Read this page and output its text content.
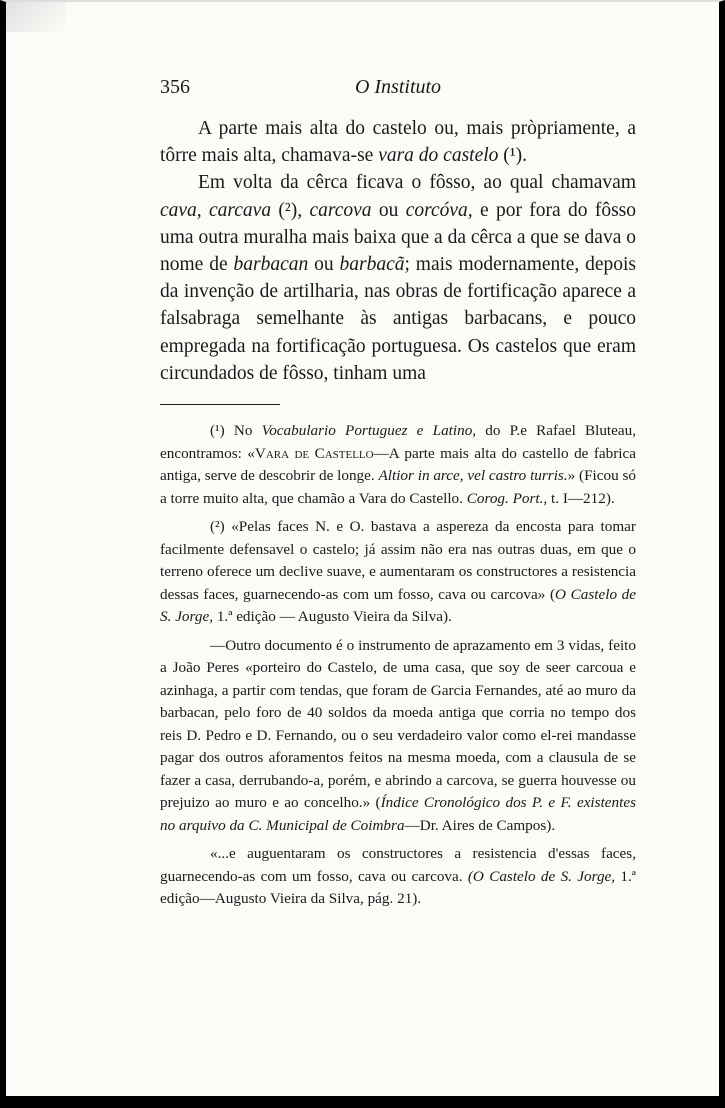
356	O Instituto

A parte mais alta do castelo ou, mais pròpriamente, a tôrre mais alta, chamava-se vara do castelo (¹).

Em volta da cêrca ficava o fôsso, ao qual chamavam cava, carcava (²), carcova ou corcóva, e por fora do fôsso uma outra muralha mais baixa que a da cêrca a que se dava o nome de barbacan ou barbacã; mais modernamente, depois da invenção de artilharia, nas obras de fortificação aparece a falsabraga semelhante às antigas barbacans, e pouco empregada na fortificação portuguesa. Os castelos que eram circundados de fôsso, tinham uma

(¹) No Vocabulario Portuguez e Latino, do P.e Rafael Bluteau, encontramos: «Vara de Castello—A parte mais alta do castello de fabrica antiga, serve de descobrir de longe. Altior in arce, vel castro turris.» (Ficou só a torre muito alta, que chamão a Vara do Castello. Corog. Port., t. I—212).

(²) «Pelas faces N. e O. bastava a aspereza da encosta para tomar facilmente defensavel o castelo; já assim não era nas outras duas, em que o terreno oferece um declive suave, e aumentaram os constructores a resistencia dessas faces, guarnecendo-as com um fosso, cava ou carcova» (O Castelo de S. Jorge, 1.ª edição — Augusto Vieira da Silva).

—Outro documento é o instrumento de aprazamento em 3 vidas, feito a João Peres «porteiro do Castelo, de uma casa, que soy de seer carcoua e azinhaga, a partir com tendas, que foram de Garcia Fernandes, até ao muro da barbacan, pelo foro de 40 soldos da moeda antiga que corria no tempo dos reis D. Pedro e D. Fernando, ou o seu verdadeiro valor como el-rei mandasse pagar dos outros aforamentos feitos na mesma moeda, com a clausula de se fazer a casa, derrubando-a, porém, e abrindo a carcova, se guerra houvesse ou prejuizo ao muro e ao concelho.» (Índice Cronológico dos P. e F. existentes no arquivo da C. Municipal de Coimbra—Dr. Aires de Campos).

«...e auguentaram os constructores a resistencia d'essas faces, guarnecendo-as com um fosso, cava ou carcova. (O Castelo de S. Jorge, 1.ª edição—Augusto Vieira da Silva, pág. 21).
